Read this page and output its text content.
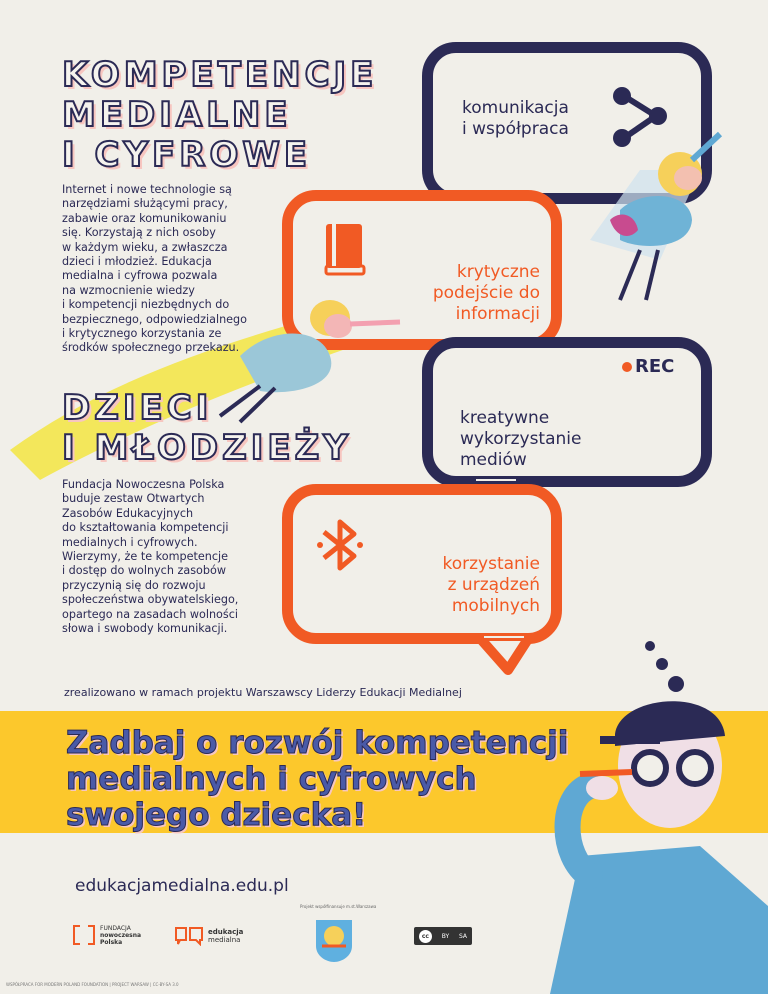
KOMPETENCJE
MEDIALNE
I CYFROWE
Internet i nowe technologie są
narzędziami służącymi pracy,
zabawie oraz komunikowaniu
się. Korzystają z nich osoby
w każdym wieku, a zwłaszcza
dzieci i młodzież. Edukacja
medialna i cyfrowa pozwala
na wzmocnienie wiedzy
i kompetencji niezbędnych do
bezpiecznego, odpowiedzialnego
i krytycznego korzystania ze
środków społecznego przekazu.
DZIECI
I MŁODZIEŻY
Fundacja Nowoczesna Polska
buduje zestaw Otwartych
Zasobów Edukacyjnych
do kształtowania kompetencji
medialnych i cyfrowych.
Wierzymy, że te kompetencje
i dostęp do wolnych zasobów
przyczynią się do rozwoju
społeczeństwa obywatelskiego,
opartego na zasadach wolności
słowa i swobody komunikacji.
komunikacja
i współpraca
krytyczne
podejście do
informacji
REC
kreatywne
wykorzystanie
mediów
korzystanie
z urządzeń
mobilnych
zrealizowano w ramach projektu Warszawscy Liderzy Edukacji Medialnej
Zadbaj o rozwój kompetencji
medialnych i cyfrowych
swojego dziecka!
edukacjamedialna.edu.pl
FUNDACJA
nowoczesna
Polska
edukacja
medialna
Projekt współfinansuje m.st.Warszawa
cc	BY SA
WSPÓŁPRACA FOR MODERN POLAND FOUNDATION | PROJECT WARSAW | CC-BY-SA 3.0
